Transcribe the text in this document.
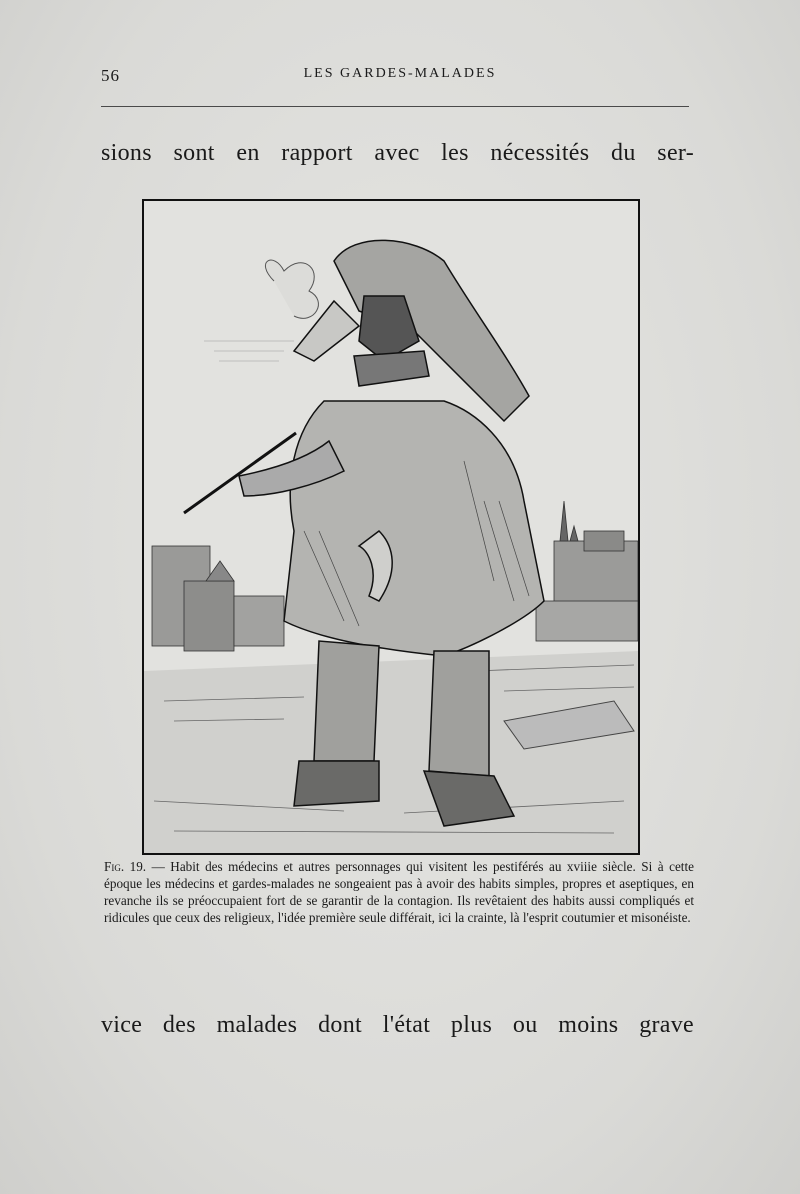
56	LES GARDES-MALADES
sions sont en rapport avec les nécessités du ser-
Fig. 19. — Habit des médecins et autres personnages qui visitent les pestiférés au xviiie siècle. Si à cette époque les médecins et gardes-malades ne songeaient pas à avoir des habits simples, propres et aseptiques, en revanche ils se préoccupaient fort de se garantir de la contagion. Ils revêtaient des habits aussi compliqués et ridicules que ceux des religieux, l'idée première seule différait, ici la crainte, là l'esprit coutumier et misonéiste.
vice des malades dont l'état plus ou moins grave
